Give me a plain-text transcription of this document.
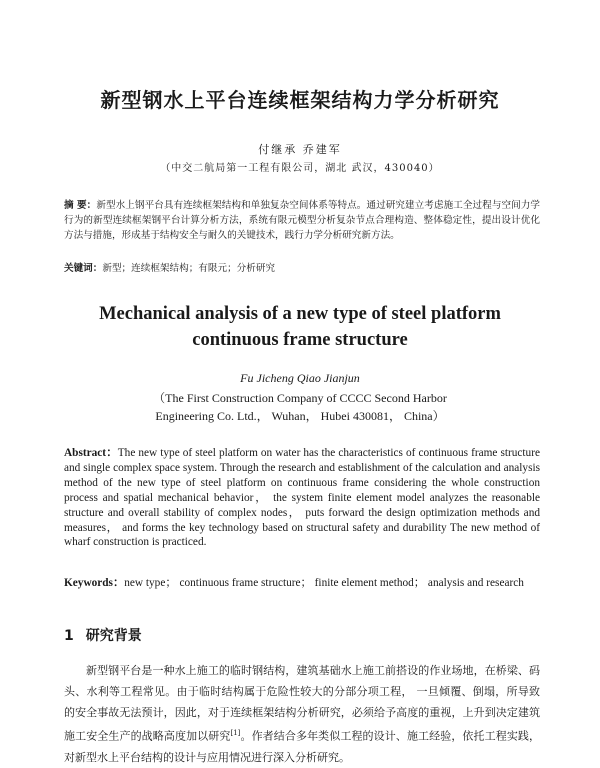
新型钢水上平台连续框架结构力学分析研究
付继承 乔建军
（中交二航局第一工程有限公司，湖北 武汉，430040）
摘 要：新型水上钢平台具有连续框架结构和单独复杂空间体系等特点。通过研究建立考虑施工全过程与空间力学行为的新型连续框架钢平台计算分析方法，系统有限元模型分析复杂节点合理构造、整体稳定性，提出设计优化方法与措施，形成基于结构安全与耐久的关键技术，践行力学分析研究新方法。
关键词：新型；连续框架结构；有限元；分析研究
Mechanical analysis of a new type of steel platform
continuous frame structure
Fu Jicheng Qiao Jianjun
（The First Construction Company of CCCC Second Harbor
Engineering Co. Ltd.， Wuhan， Hubei 430081， China）
Abstract：The new type of steel platform on water has the characteristics of continuous frame structure and single complex space system. Through the research and establishment of the calculation and analysis method of the new type of steel platform on continuous frame considering the whole construction process and spatial mechanical behavior， the system finite element model analyzes the reasonable structure and overall stability of complex nodes， puts forward the design optimization methods and measures， and forms the key technology based on structural safety and durability The new method of wharf construction is practiced.
Keywords：new type； continuous frame structure； finite element method； analysis and research
1 研究背景
新型钢平台是一种水上施工的临时钢结构，建筑基础水上施工前搭设的作业场地，在桥梁、码头、水利等工程常见。由于临时结构属于危险性较大的分部分项工程， 一旦倾覆、倒塌，所导致的安全事故无法预计，因此，对于连续框架结构分析研究，必须给予高度的重视，上升到决定建筑施工安全生产的战略高度加以研究[1]。作者结合多年类似工程的设计、施工经验，依托工程实践，对新型水上平台结构的设计与应用情况进行深入分析研究。
